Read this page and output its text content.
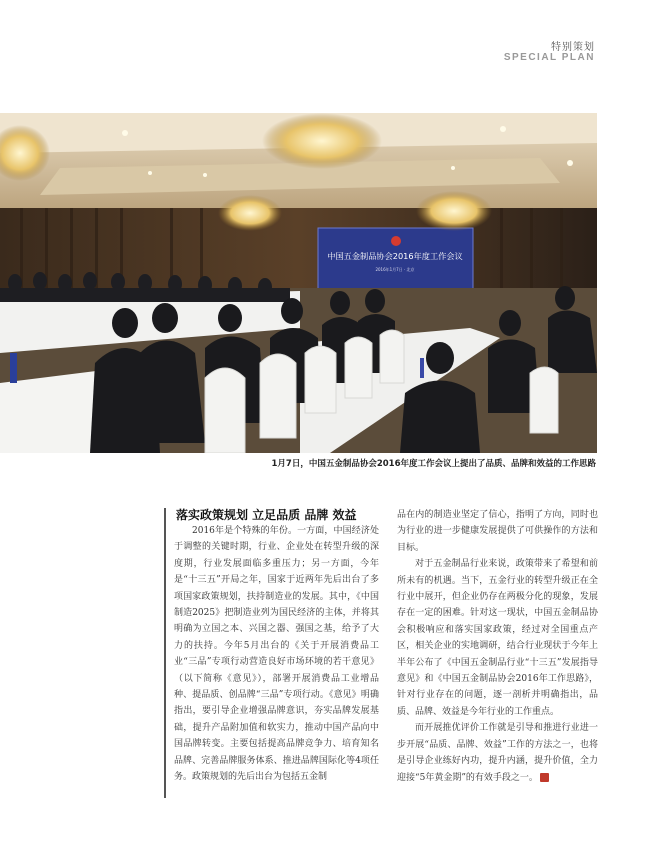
特别策划
SPECIAL PLAN
中国五金制品协会2016年度工作会议
2016年1月7日 · 北京
1月7日，中国五金制品协会2016年度工作会议上提出了品质、品牌和效益的工作思路
落实政策规划 立足品质 品牌 效益

2016年是个特殊的年份。一方面，中国经济处于调整的关键时期，行业、企业处在转型升级的深度期，行业发展面临多重压力；另一方面，今年是“十三五”开局之年，国家于近两年先后出台了多项国家政策规划，扶持制造业的发展。其中，《中国制造2025》把制造业列为国民经济的主体，并将其明确为立国之本、兴国之器、强国之基，给予了大力的扶持。今年5月出台的《关于开展消费品工业“三品”专项行动营造良好市场环境的若干意见》（以下简称《意见》），部署开展消费品工业增品种、提品质、创品牌“三品”专项行动。《意见》明确指出，要引导企业增强品牌意识，夯实品牌发展基础，提升产品附加值和软实力，推动中国产品向中国品牌转变。主要包括提高品牌竞争力、培育知名品牌、完善品牌服务体系、推进品牌国际化等4项任务。政策规划的先后出台为包括五金制

品在内的制造业坚定了信心，指明了方向，同时也为行业的进一步健康发展提供了可供操作的方法和目标。

对于五金制品行业来说，政策带来了希望和前所未有的机遇。当下，五金行业的转型升级正在全行业中展开，但企业仍存在两极分化的现象，发展存在一定的困难。针对这一现状，中国五金制品协会积极响应和落实国家政策，经过对全国重点产区，相关企业的实地调研，结合行业现状于今年上半年公布了《中国五金制品行业“十三五”发展指导意见》和《中国五金制品协会2016年工作思路》，针对行业存在的问题，逐一剖析并明确指出，品质、品牌、效益是今年行业的工作重点。

而开展推优评价工作就是引导和推进行业进一步开展“品质、品牌、效益”工作的方法之一，也将是引导企业练好内功，提升内涵，提升价值，全力迎接“5年黄金期”的有效手段之一。
